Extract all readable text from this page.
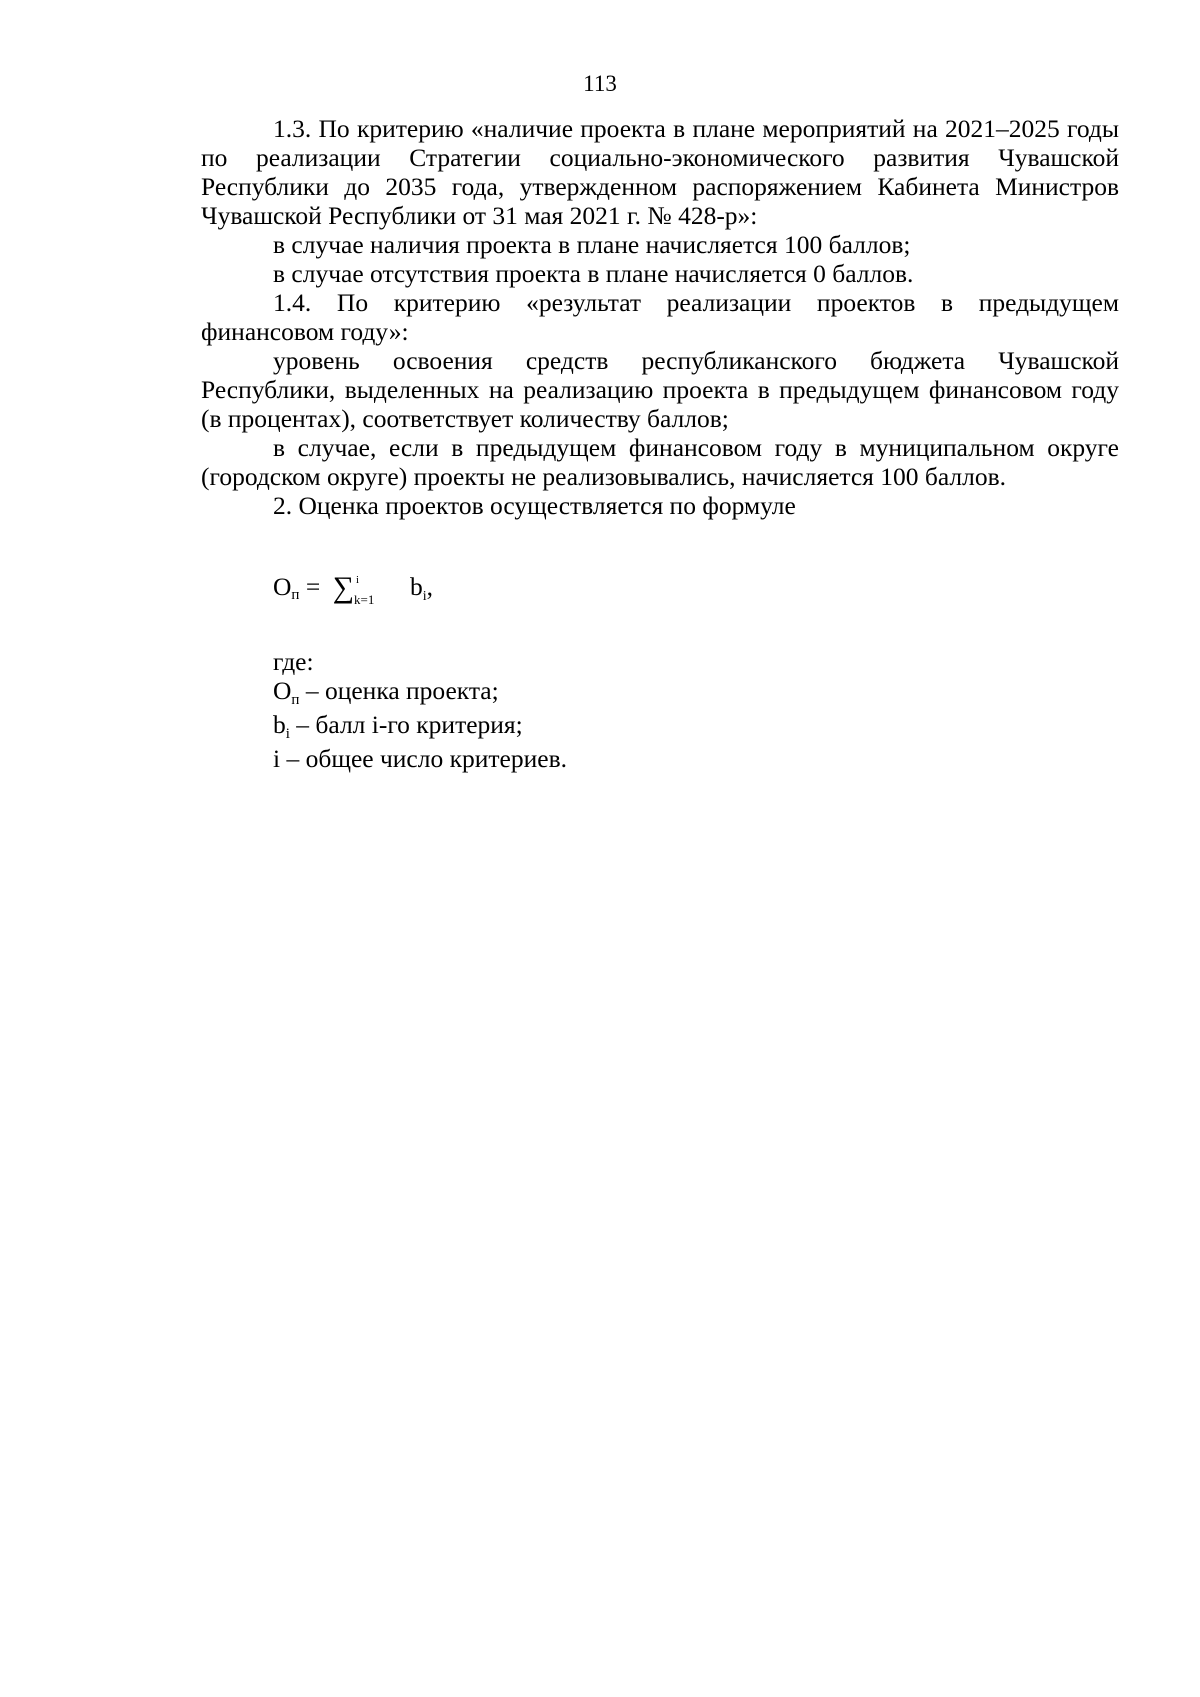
113

1.3. По критерию «наличие проекта в плане мероприятий на 2021–2025 годы по реализации Стратегии социально-экономического развития Чувашской Республики до 2035 года, утвержденном распоряжением Кабинета Министров Чувашской Республики от 31 мая 2021 г. № 428-р»:

в случае наличия проекта в плане начисляется 100 баллов;

в случае отсутствия проекта в плане начисляется 0 баллов.

1.4. По критерию «результат реализации проектов в предыдущем финансовом году»:

уровень освоения средств республиканского бюджета Чувашской Республики, выделенных на реализацию проекта в предыдущем финансовом году (в процентах), соответствует количеству баллов;

в случае, если в предыдущем финансовом году в муниципальном округе (городском округе) проекты не реализовывались, начисляется 100 баллов.

2. Оценка проектов осуществляется по формуле

Оп = ∑ i
k=1 bi,
где:
Оп – оценка проекта;
bi – балл i-го критерия;
i – общее число критериев.
